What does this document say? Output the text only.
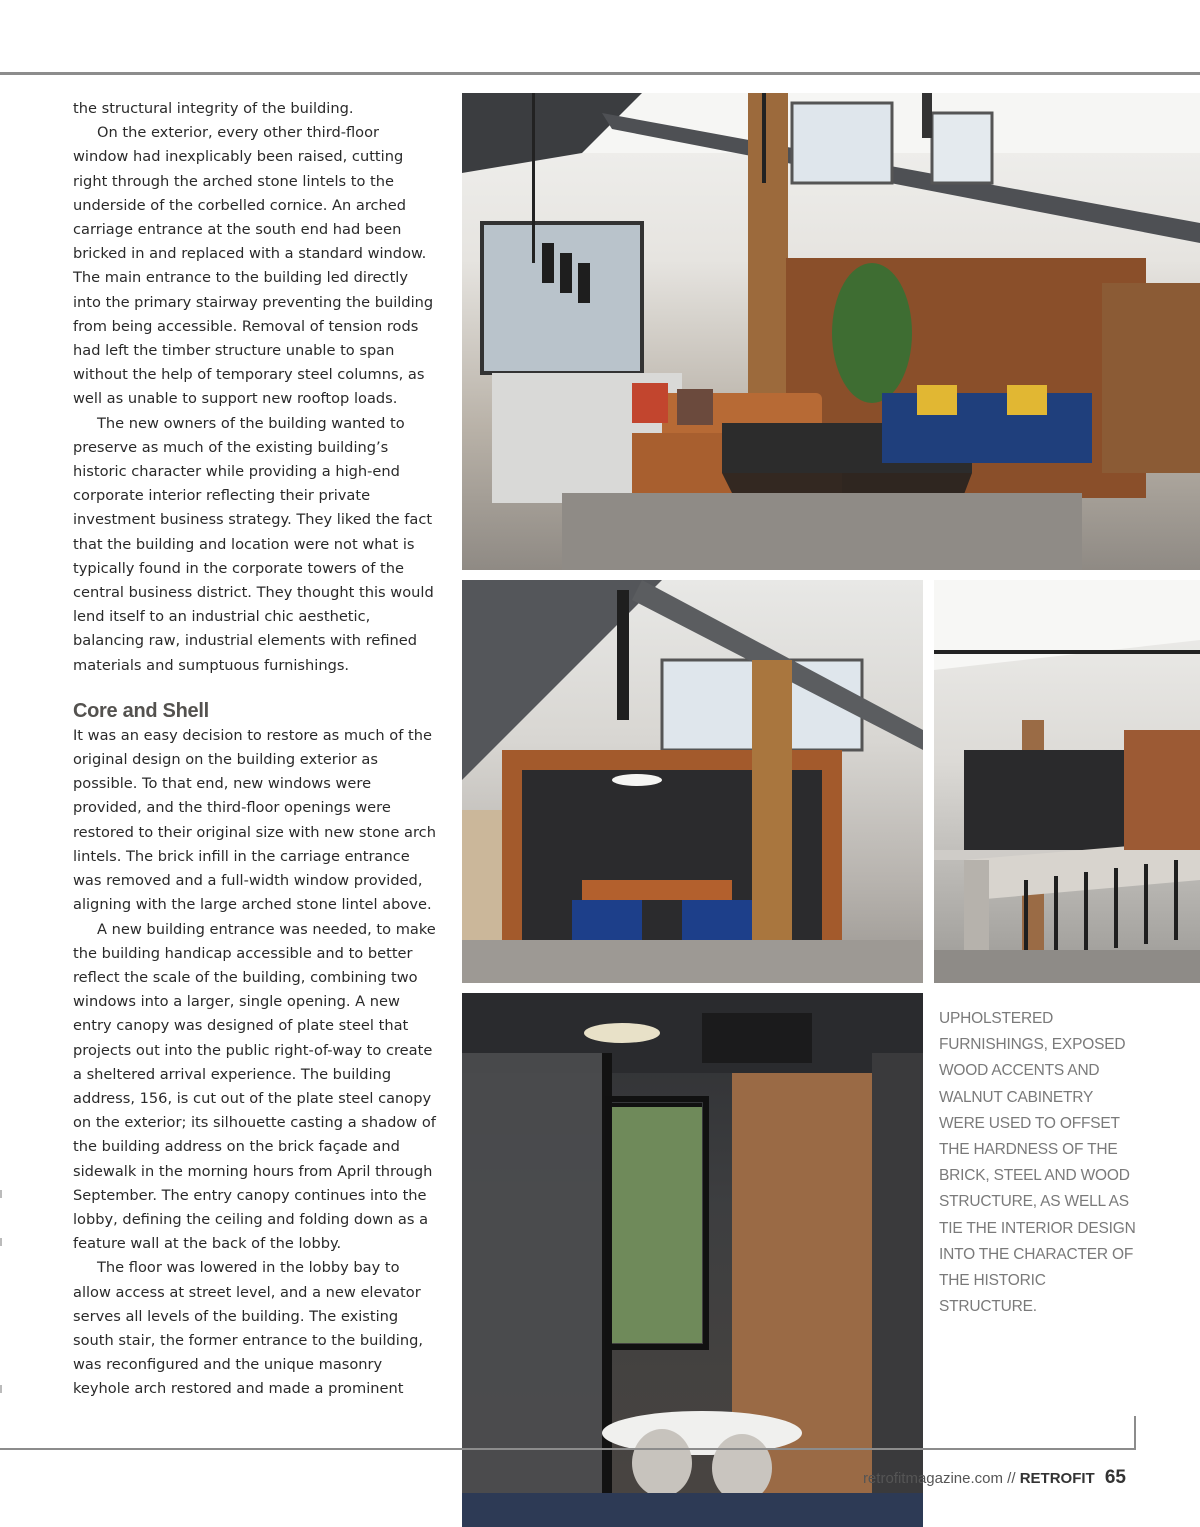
the structural integrity of the building.

On the exterior, every other third-floor window had inexplicably been raised, cutting right through the arched stone lintels to the underside of the corbelled cornice. An arched carriage entrance at the south end had been bricked in and replaced with a standard window. The main entrance to the building led directly into the primary stairway preventing the building from being accessible. Removal of tension rods had left the timber structure unable to span without the help of temporary steel columns, as well as unable to support new rooftop loads.

The new owners of the building wanted to preserve as much of the existing building’s historic character while providing a high-end corporate interior reflecting their private investment business strategy. They liked the fact that the building and location were not what is typically found in the corporate towers of the central business district. They thought this would lend itself to an industrial chic aesthetic, balancing raw, industrial elements with refined materials and sumptuous furnishings.

Core and Shell

It was an easy decision to restore as much of the original design on the building exterior as possible. To that end, new windows were provided, and the third-floor openings were restored to their original size with new stone arch lintels. The brick infill in the carriage entrance was removed and a full-width window provided, aligning with the large arched stone lintel above.

A new building entrance was needed, to make the building handicap accessible and to better reflect the scale of the building, combining two windows into a larger, single opening. A new entry canopy was designed of plate steel that projects out into the public right-of-way to create a sheltered arrival experience. The building address, 156, is cut out of the plate steel canopy on the exterior; its silhouette casting a shadow of the building address on the brick façade and sidewalk in the morning hours from April through September. The entry canopy continues into the lobby, defining the ceiling and folding down as a feature wall at the back of the lobby.

The floor was lowered in the lobby bay to allow access at street level, and a new elevator serves all levels of the building. The existing south stair, the former entrance to the building, was reconfigured and the unique masonry keyhole arch restored and made a prominent

UPHOLSTERED FURNISHINGS, EXPOSED WOOD ACCENTS AND WALNUT CABINETRY WERE USED TO OFFSET THE HARDNESS OF THE BRICK, STEEL AND WOOD STRUCTURE, AS WELL AS TIE THE INTERIOR DESIGN INTO THE CHARACTER OF THE HISTORIC STRUCTURE.
retrofitmagazine.com // RETROFIT 65
